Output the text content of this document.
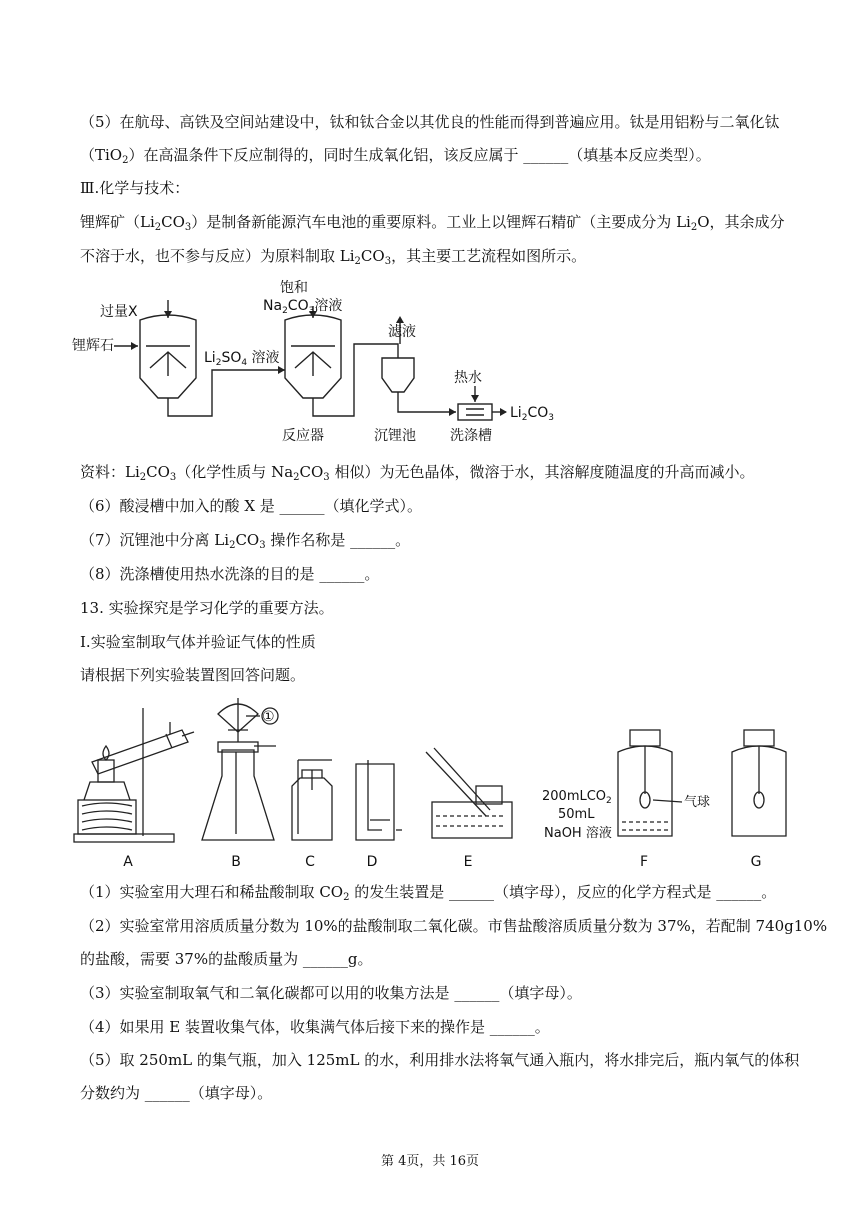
（5）在航母、高铁及空间站建设中，钛和钛合金以其优良的性能而得到普遍应用。钛是用铝粉与二氧化钛
（TiO$_2$）在高温条件下反应制得的，同时生成氧化铝，该反应属于 ______（填基本反应类型）。
Ⅲ.化学与技术：
锂辉矿$(Li_2CO_3)$是制备新能源汽车电池的重要原料。工业上以锂辉石精矿（主要成分为 $Li_2O$，其余成分
不溶于水，也不参与反应）为原料制取 $Li_2CO_3$，其主要工艺流程如图所示。
过量X
锂辉石
饱和
$Na_2CO_3$溶液
$Li_2SO_4$ 溶液
滤液
热水
$Li_2CO_3$
反应器	沉锂池 洗涤槽
资料：$Li_2CO_3$（化学性质与 $Na_2CO_3$ 相似）为无色晶体，微溶于水，其溶解度随温度的升高而减小。
（6）酸浸槽中加入的酸 X 是 ______（填化学式）。
（7）沉锂池中分离 $Li_2CO_3$ 操作名称是 ______。
（8）洗涤槽使用热水洗涤的目的是 ______。
13. 实验探究是学习化学的重要方法。
Ⅰ.实验室制取气体并验证气体的性质
请根据下列实验装置图回答问题。
①
200mLCO$_2$
50mL
NaOH 溶液
气球
A	B	C	D	E	F	G
（1）实验室用大理石和稀盐酸制取 $CO_2$ 的发生装置是 ______（填字母），反应的化学方程式是 ______。
（2）实验室常用溶质质量分数为 10%的盐酸制取二氧化碳。市售盐酸溶质质量分数为 37%，若配制 740g10%
的盐酸，需要 37%的盐酸质量为 ______g。
（3）实验室制取氧气和二氧化碳都可以用的收集方法是 ______（填字母）。
（4）如果用 E 装置收集气体，收集满气体后接下来的操作是 ______。
（5）取 250mL 的集气瓶，加入 125mL 的水，利用排水法将氧气通入瓶内，将水排完后，瓶内氧气的体积
分数约为 ______（填字母）。
第 4页，共 16页
